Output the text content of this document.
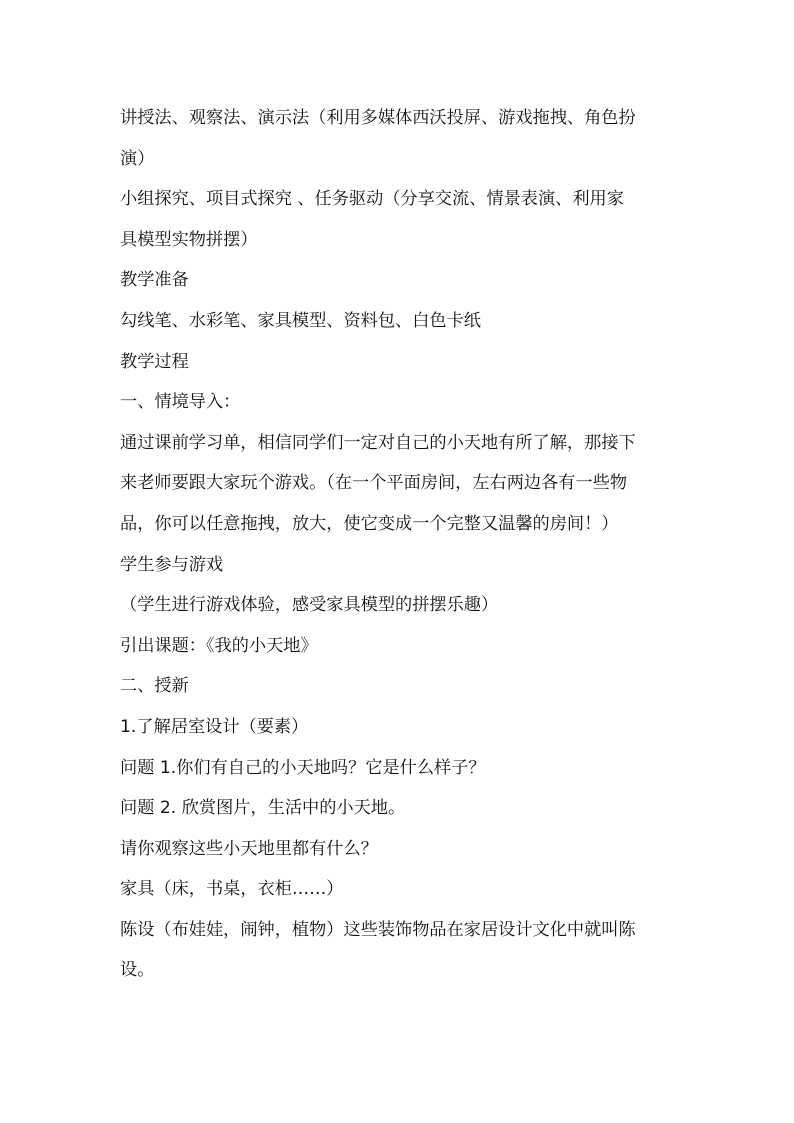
讲授法、观察法、演示法（利用多媒体西沃投屏、游戏拖拽、角色扮
演）
小组探究、项目式探究 、任务驱动（分享交流、情景表演、利用家
具模型实物拼摆）
教学准备
勾线笔、水彩笔、家具模型、资料包、白色卡纸
教学过程
一、情境导入：
通过课前学习单，相信同学们一定对自己的小天地有所了解，那接下
来老师要跟大家玩个游戏。（在一个平面房间，左右两边各有一些物
品，你可以任意拖拽，放大，使它变成一个完整又温馨的房间！）
学生参与游戏
（学生进行游戏体验，感受家具模型的拼摆乐趣）
引出课题：《我的小天地》
二、授新
1.了解居室设计（要素）
问题 1.你们有自己的小天地吗？它是什么样子？
问题 2. 欣赏图片，生活中的小天地。
请你观察这些小天地里都有什么？
家具（床，书桌，衣柜……）
陈设（布娃娃，闹钟，植物）这些装饰物品在家居设计文化中就叫陈
设。
